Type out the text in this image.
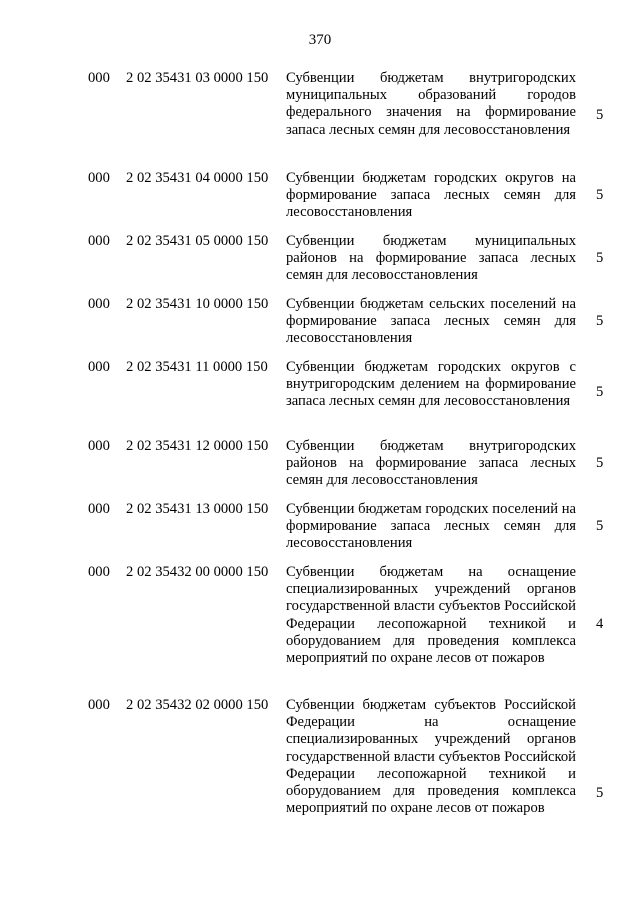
370
000 2 02 35431 03 0000 150 Субвенции бюджетам внутригородских муниципальных образований городов федерального значения на формирование запаса лесных семян для лесовосстановления
5
000 2 02 35431 04 0000 150 Субвенции бюджетам городских округов на формирование запаса лесных семян для лесовосстановления
5
000 2 02 35431 05 0000 150 Субвенции бюджетам муниципальных районов на формирование запаса лесных семян для лесовосстановления
5
000 2 02 35431 10 0000 150 Субвенции бюджетам сельских поселений на формирование запаса лесных семян для лесовосстановления
5
000 2 02 35431 11 0000 150 Субвенции бюджетам городских округов с внутригородским делением на формирование запаса лесных семян для лесовосстановления
5
000 2 02 35431 12 0000 150 Субвенции бюджетам внутригородских районов на формирование запаса лесных семян для лесовосстановления
5
000 2 02 35431 13 0000 150 Субвенции бюджетам городских поселений на формирование запаса лесных семян для лесовосстановления
5
000 2 02 35432 00 0000 150 Субвенции бюджетам на оснащение специализированных учреждений органов государственной власти субъектов Российской Федерации лесопожарной техникой и оборудованием для проведения комплекса мероприятий по охране лесов от пожаров
4
000 2 02 35432 02 0000 150 Субвенции бюджетам субъектов Российской Федерации на оснащение специализированных учреждений органов государственной власти субъектов Российской Федерации лесопожарной техникой и оборудованием для проведения комплекса мероприятий по охране лесов от пожаров
5
